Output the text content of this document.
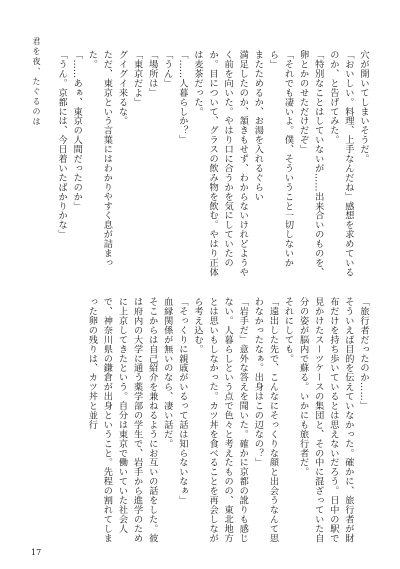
君を夜、たぐるのは	穴が開いてしまいそうだ。

「おいしい。料理、上手なんだね」感想を求めているのか、と告げてみた。

「特別なことはしていないが……出来合いのものを、卵とかのせただけだぞ」

「それでも凄いよ。僕、そういうこと一切しないから」

またためるか、お湯を入れるぐらい

満足したのか、頷きもせず、わからないけれどようやく前を向いた。やはり口に合うかを気にしていたのか。目について、グラスの飲み物を飲む。やはり正体は麦茶だった。

「……人暮らしか？」

「うん」

「場所は」

「東京だよ」

グイグイ来るな。

ただ、東京という言葉にはわかりやすく息が詰まった。

「……あぁ、東京の人間だったのか」

「うん。京都には、今日着いたばかりかな」

「旅行者だったのか……」

そういえば目的を伝えていなかった。確かに、旅行者が財布だけを持ち歩いているとは思えないだろう。日中の駅で見かけたスーツケースの集団と、その中に混ざっていた自分の姿が脳内で蘇る。いかにも旅行者だ。

それにしても。

「遠出した先で、こんなにそっくりな顔と出会うなんて思わなかったなぁ。出身はこの辺なの？」

「岩手だ」意外な答えを聞いた。確かに京都の訛りも感じない。人暮らしという点で色々と考えたものの、東北地方とは思いもしなかった。カツ丼を食べることを再会しながら考え込む。

「そっくりに親戚がいるって話は知らないなぁ」

血縁関係が無いのなら、凄い話だ。

そこからは自己紹介を兼ねるようにお互いの話をした。彼は府内の大学に通う薬学部の学生で、岩手から進学のために上京してきたという。自分は東京で働いていた社会人で、神奈川県の鎌倉が出身ということ。先程の割れてしまった卵の残りは、カツ丼と並行

17
